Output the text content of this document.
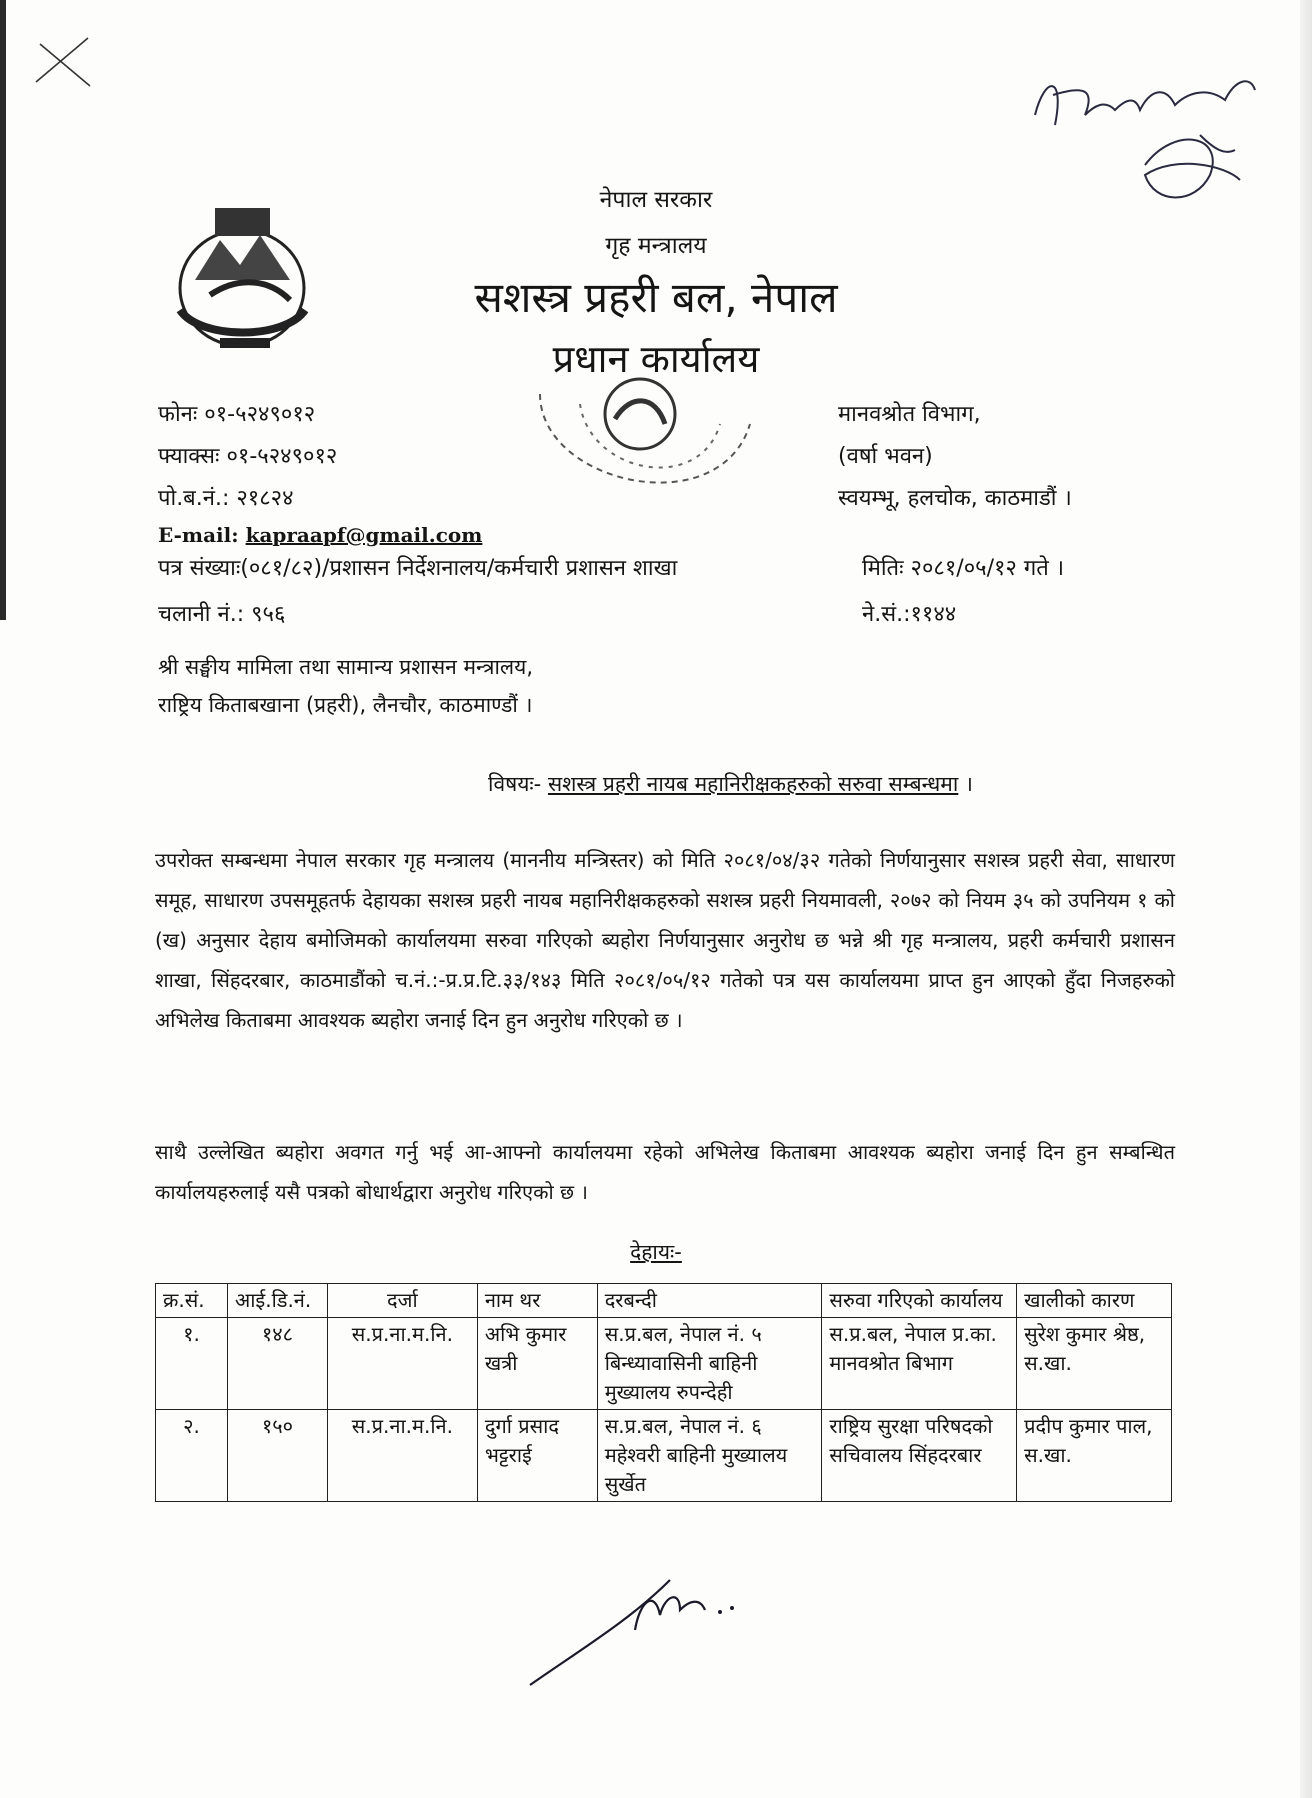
नेपाल सरकार
गृह मन्त्रालय
सशस्त्र प्रहरी बल, नेपाल
प्रधान कार्यालय
फोनः ०१-५२४९०१२
फ्याक्सः ०१-५२४९०१२
पो.ब.नं.: २१८२४
E-mail: kapraapf@gmail.com
मानवश्रोत विभाग,
(वर्षा भवन)
स्वयम्भू, हलचोक, काठमाडौं ।
पत्र संख्याः(०८१/८२)/प्रशासन निर्देशनालय/कर्मचारी प्रशासन शाखा	मितिः २०८१/०५/१२ गते ।
चलानी नं.: ९५६	ने.सं.:११४४
श्री सङ्घीय मामिला तथा सामान्य प्रशासन मन्त्रालय,
राष्ट्रिय किताबखाना (प्रहरी), लैनचौर, काठमाण्डौं ।
विषयः- सशस्त्र प्रहरी नायब महानिरीक्षकहरुको सरुवा सम्बन्धमा ।
उपरोक्त सम्बन्धमा नेपाल सरकार गृह मन्त्रालय (माननीय मन्त्रिस्तर) को मिति २०८१/०४/३२ गतेको निर्णयानुसार सशस्त्र प्रहरी सेवा, साधारण समूह, साधारण उपसमूहतर्फ देहायका सशस्त्र प्रहरी नायब महानिरीक्षकहरुको सशस्त्र प्रहरी नियमावली, २०७२ को नियम ३५ को उपनियम १ को (ख) अनुसार देहाय बमोजिमको कार्यालयमा सरुवा गरिएको ब्यहोरा निर्णयानुसार अनुरोध छ भन्ने श्री गृह मन्त्रालय, प्रहरी कर्मचारी प्रशासन शाखा, सिंहदरबार, काठमाडौंको च.नं.:-प्र.प्र.टि.३३/१४३ मिति २०८१/०५/१२ गतेको पत्र यस कार्यालयमा प्राप्त हुन आएको हुँदा निजहरुको अभिलेख किताबमा आवश्यक ब्यहोरा जनाई दिन हुन अनुरोध गरिएको छ ।
साथै उल्लेखित ब्यहोरा अवगत गर्नु भई आ-आफ्नो कार्यालयमा रहेको अभिलेख किताबमा आवश्यक ब्यहोरा जनाई दिन हुन सम्बन्धित कार्यालयहरुलाई यसै पत्रको बोधार्थद्वारा अनुरोध गरिएको छ ।
देहायः-
क्र.सं.	आई.डि.नं.	दर्जा	नाम थर	दरबन्दी	सरुवा गरिएको कार्यालय	खालीको कारण
१.	१४८	स.प्र.ना.म.नि.	अभि कुमार खत्री	स.प्र.बल, नेपाल नं. ५ बिन्ध्यावासिनी बाहिनी मुख्यालय रुपन्देही	स.प्र.बल, नेपाल प्र.का. मानवश्रोत बिभाग	सुरेश कुमार श्रेष्ठ, स.खा.
२.	१५०	स.प्र.ना.म.नि.	दुर्गा प्रसाद भट्टराई	स.प्र.बल, नेपाल नं. ६ महेश्वरी बाहिनी मुख्यालय सुर्खेत	राष्ट्रिय सुरक्षा परिषदको सचिवालय सिंहदरबार	प्रदीप कुमार पाल, स.खा.
